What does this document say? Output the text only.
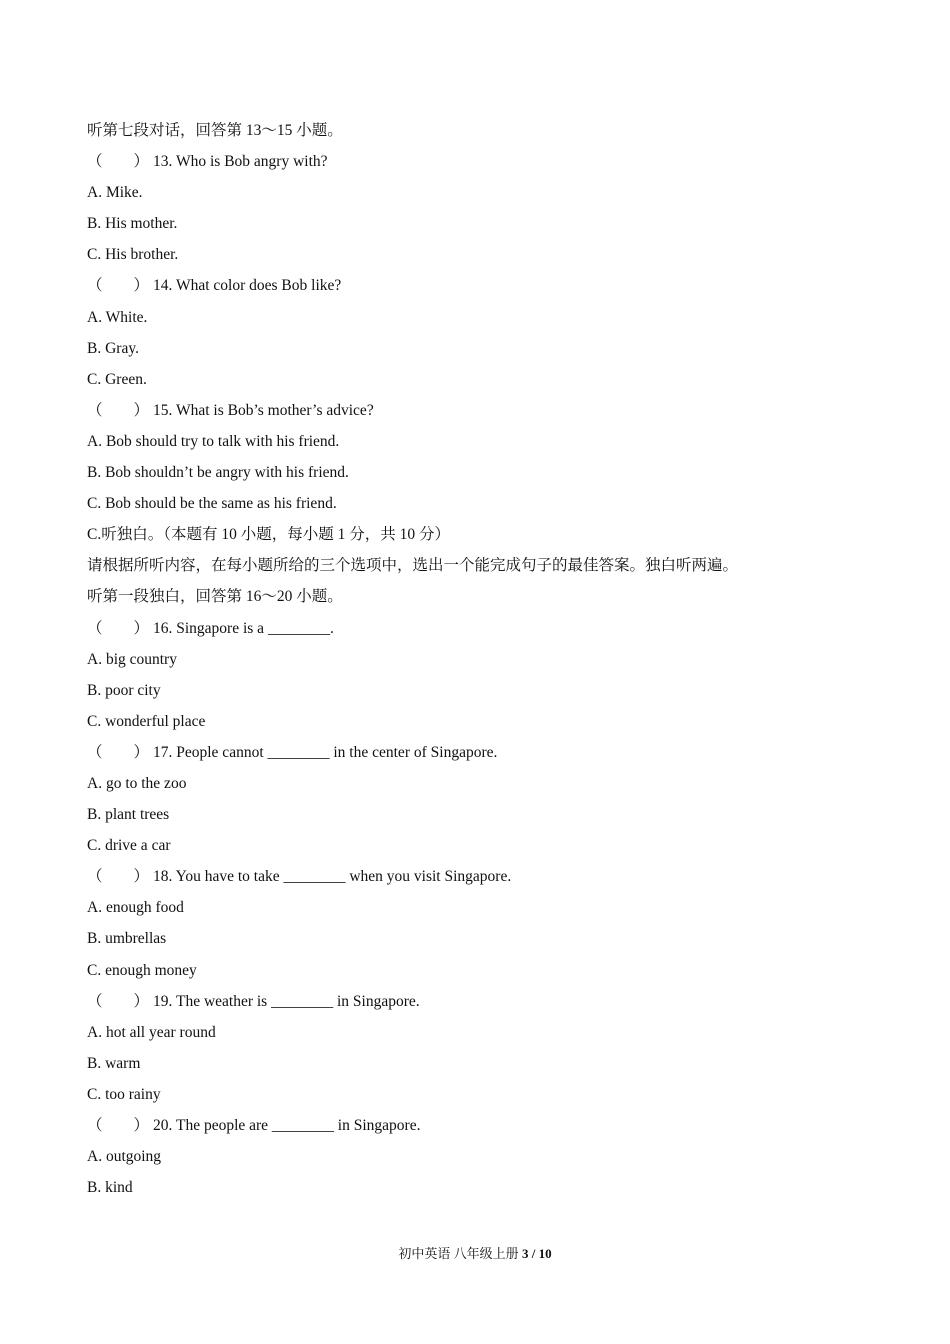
听第七段对话，回答第 13～15 小题。
（　　） 13. Who is Bob angry with?
A. Mike.
B. His mother.
C. His brother.
（　　） 14. What color does Bob like?
A. White.
B. Gray.
C. Green.
（　　） 15. What is Bob’s mother’s advice?
A. Bob should try to talk with his friend.
B. Bob shouldn’t be angry with his friend.
C. Bob should be the same as his friend.
C.听独白。（本题有 10 小题，每小题 1 分，共 10 分）
请根据所听内容，在每小题所给的三个选项中，选出一个能完成句子的最佳答案。独白听两遍。
听第一段独白，回答第 16～20 小题。
（　　） 16. Singapore is a ________.
A. big country
B. poor city
C. wonderful place
（　　） 17. People cannot ________ in the center of Singapore.
A. go to the zoo
B. plant trees
C. drive a car
（　　） 18. You have to take ________ when you visit Singapore.
A. enough food
B. umbrellas
C. enough money
（　　） 19. The weather is ________ in Singapore.
A. hot all year round
B. warm
C. too rainy
（　　） 20. The people are ________ in Singapore.
A. outgoing
B. kind
初中英语 八年级上册 3 / 10
